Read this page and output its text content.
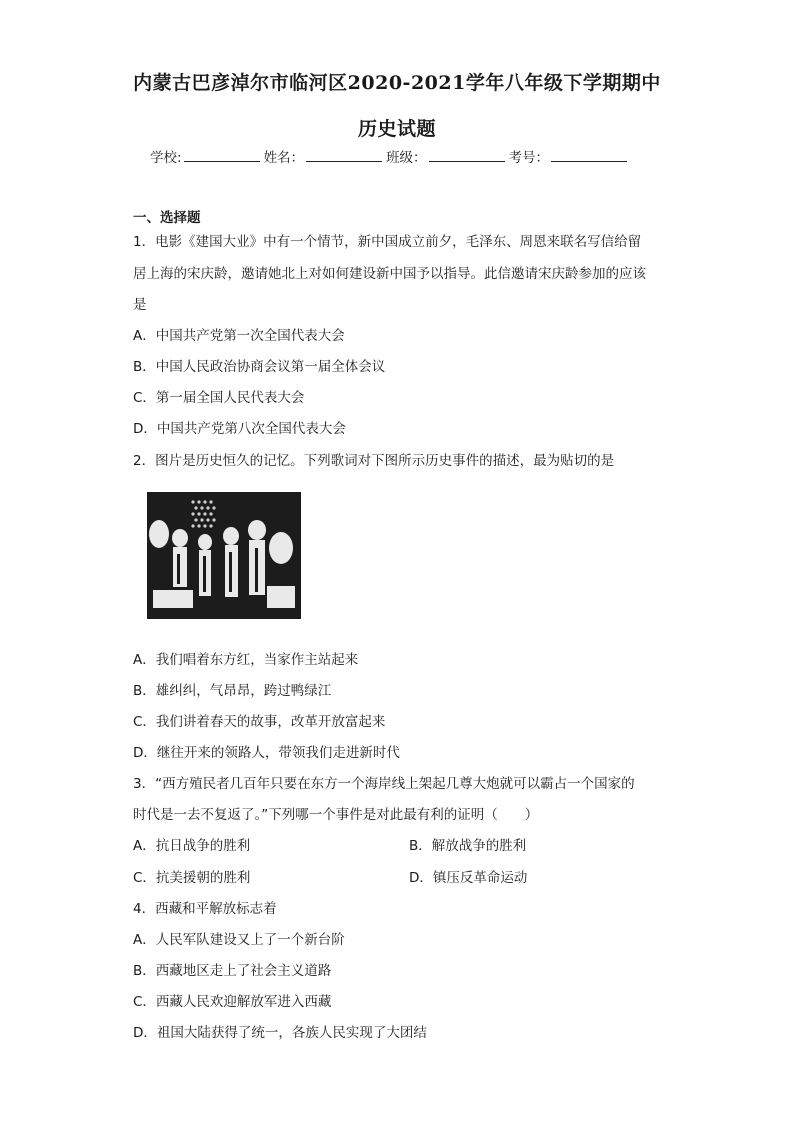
内蒙古巴彦淖尔市临河区2020-2021学年八年级下学期期中
历史试题
学校:	姓名：	班级：	考号：
一、选择题
1．电影《建国大业》中有一个情节，新中国成立前夕，毛泽东、周恩来联名写信给留
居上海的宋庆龄，邀请她北上对如何建设新中国予以指导。此信邀请宋庆龄参加的应该
是
A．中国共产党第一次全国代表大会
B．中国人民政治协商会议第一届全体会议
C．第一届全国人民代表大会
D．中国共产党第八次全国代表大会
2．图片是历史恒久的记忆。下列歌词对下图所示历史事件的描述，最为贴切的是
A．我们唱着东方红，当家作主站起来
B．雄纠纠，气昂昂，跨过鸭绿江
C．我们讲着春天的故事，改革开放富起来
D．继往开来的领路人，带领我们走进新时代
3．“西方殖民者几百年只要在东方一个海岸线上架起几尊大炮就可以霸占一个国家的
时代是一去不复返了。”下列哪一个事件是对此最有利的证明（　　）
A．抗日战争的胜利	B．解放战争的胜利
C．抗美援朝的胜利	D．镇压反革命运动
4．西藏和平解放标志着
A．人民军队建设又上了一个新台阶
B．西藏地区走上了社会主义道路
C．西藏人民欢迎解放军进入西藏
D．祖国大陆获得了统一，各族人民实现了大团结
